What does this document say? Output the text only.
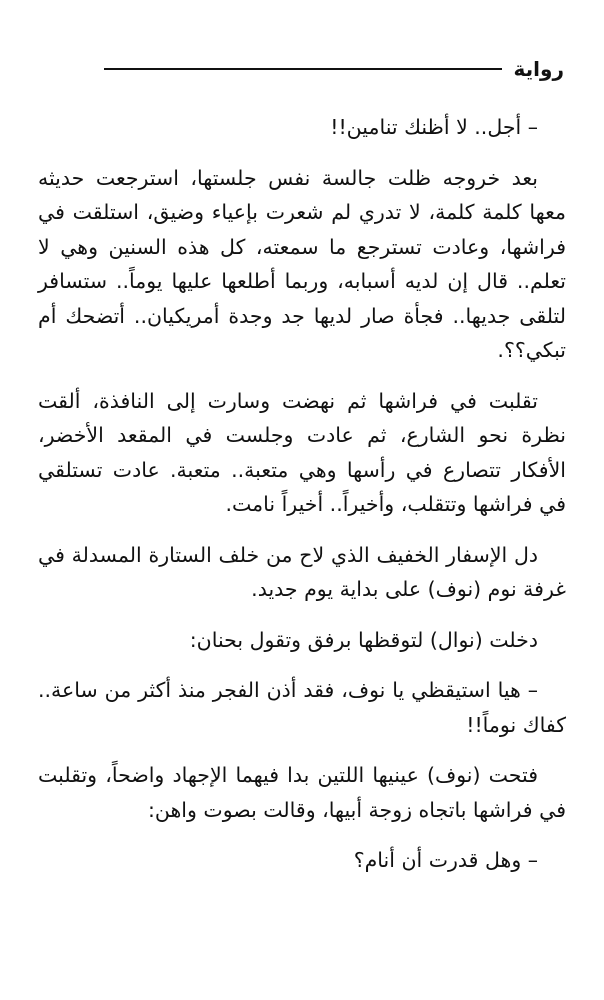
رواية

– أجل.. لا أظنك تنامين!!

بعد خروجه ظلت جالسة نفس جلستها، استرجعت حديثه معها كلمة كلمة، لا تدري لم شعرت بإعياء وضيق، استلقت في فراشها، وعادت تسترجع ما سمعته، كل هذه السنين وهي لا تعلم.. قال إن لديه أسبابه، وربما أطلعها عليها يوماً.. ستسافر لتلقى جديها.. فجأة صار لديها جد وجدة أمريكيان.. أتضحك أم تبكي؟؟.

تقلبت في فراشها ثم نهضت وسارت إلى النافذة، ألقت نظرة نحو الشارع، ثم عادت وجلست في المقعد الأخضر، الأفكار تتصارع في رأسها وهي متعبة.. متعبة. عادت تستلقي في فراشها وتتقلب، وأخيراً.. أخيراً نامت.

دل الإسفار الخفيف الذي لاح من خلف الستارة المسدلة في غرفة نوم (نوف) على بداية يوم جديد.

دخلت (نوال) لتوقظها برفق وتقول بحنان:

– هيا استيقظي يا نوف، فقد أذن الفجر منذ أكثر من ساعة.. كفاك نوماً!!

فتحت (نوف) عينيها اللتين بدا فيهما الإجهاد واضحاً، وتقلبت في فراشها باتجاه زوجة أبيها، وقالت بصوت واهن:

– وهل قدرت أن أنام؟
